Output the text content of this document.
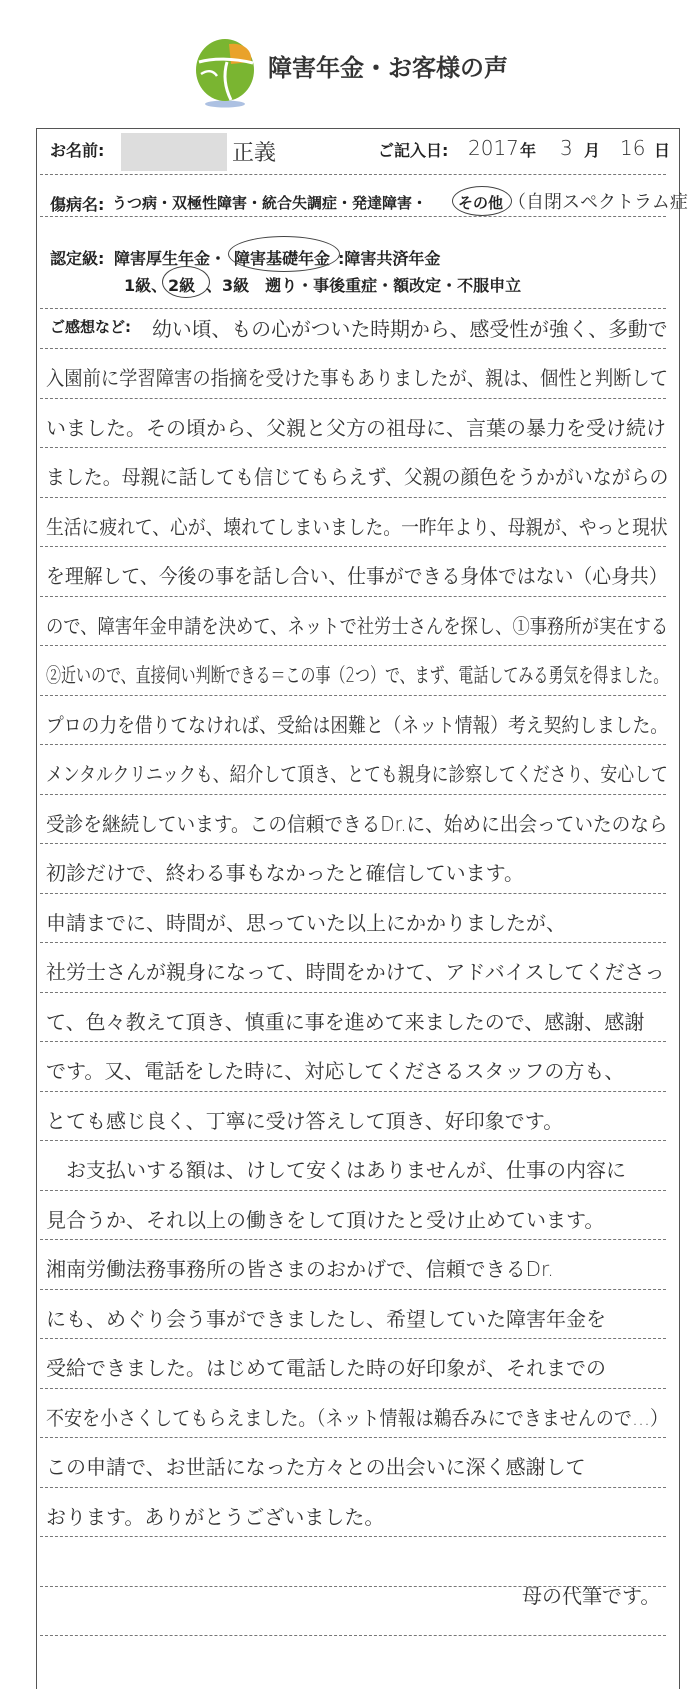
障害年金・お客様の声
お名前:	正義	ご記入日: 2017 年 3 月 16 日
傷病名: うつ病・双極性障害・統合失調症・発達障害・ その他 （自閉スペクトラム症
認定級: 障害厚生年金・ 障害基礎年金 :障害共済年金
1級、 2級 、3級　遡り・事後重症・額改定・不服申立
ご感想など: 幼い頃、もの心がついた時期から、感受性が強く、多動で
入園前に学習障害の指摘を受けた事もありましたが、親は、個性と判断して
いました。その頃から、父親と父方の祖母に、言葉の暴力を受け続け
ました。母親に話しても信じてもらえず、父親の顔色をうかがいながらの
生活に疲れて、心が、壊れてしまいました。一昨年より、母親が、やっと現状
を理解して、今後の事を話し合い、仕事ができる身体ではない（心身共）
ので、障害年金申請を決めて、ネットで社労士さんを探し、①事務所が実在する
②近いので、直接伺い判断できる＝この事（2つ）で、まず、電話してみる勇気を得ました。
プロの力を借りてなければ、受給は困難と（ネット情報）考え契約しました。
メンタルクリニックも、紹介して頂き、とても親身に診察してくださり、安心して
受診を継続しています。この信頼できるDr.に、始めに出会っていたのなら
初診だけで、終わる事もなかったと確信しています。
申請までに、時間が、思っていた以上にかかりましたが、
社労士さんが親身になって、時間をかけて、アドバイスしてくださっ
て、色々教えて頂き、慎重に事を進めて来ましたので、感謝、感謝
です。又、電話をした時に、対応してくださるスタッフの方も、
とても感じ良く、丁寧に受け答えして頂き、好印象です。
　お支払いする額は、けして安くはありませんが、仕事の内容に
見合うか、それ以上の働きをして頂けたと受け止めています。
湘南労働法務事務所の皆さまのおかげで、信頼できるDr.
にも、めぐり会う事ができましたし、希望していた障害年金を
受給できました。はじめて電話した時の好印象が、それまでの
不安を小さくしてもらえました。（ネット情報は鵜呑みにできませんので…）
この申請で、お世話になった方々との出会いに深く感謝して
おります。ありがとうございました。
母の代筆です。
